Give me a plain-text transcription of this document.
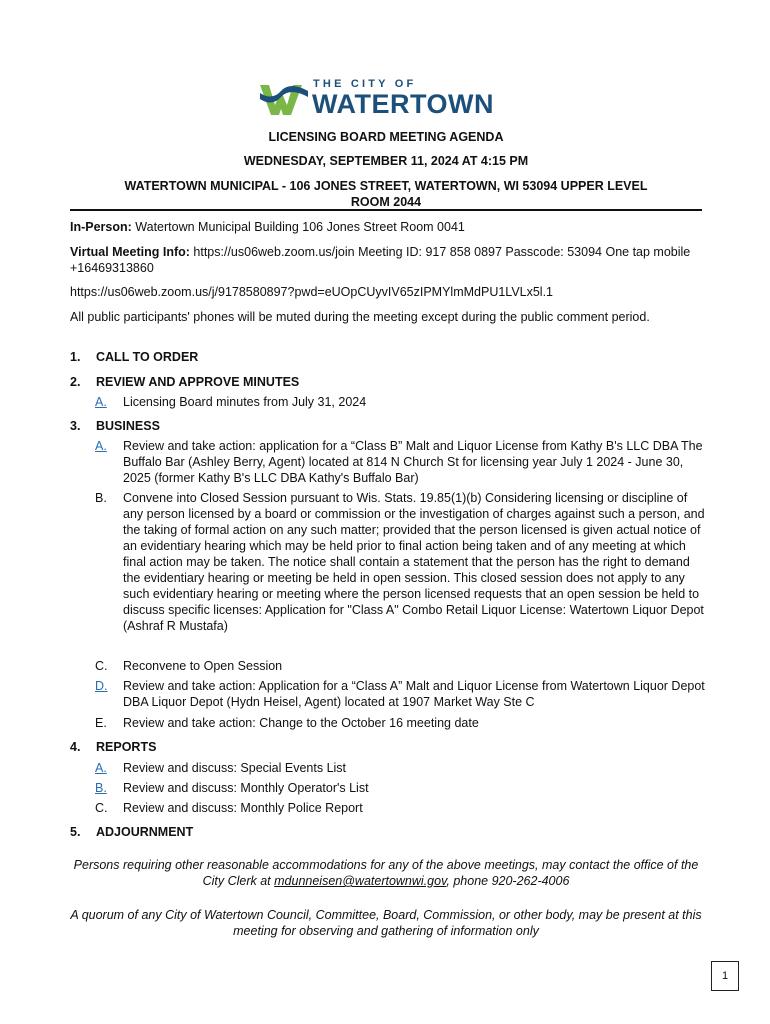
THE CITY OF
WATERTOWN
LICENSING BOARD MEETING AGENDA
WEDNESDAY, SEPTEMBER 11, 2024 AT 4:15 PM
WATERTOWN MUNICIPAL - 106 JONES STREET, WATERTOWN, WI 53094 UPPER LEVEL
ROOM 2044
In-Person: Watertown Municipal Building 106 Jones Street Room 0041
Virtual Meeting Info: https://us06web.zoom.us/join Meeting ID: 917 858 0897 Passcode: 53094 One tap mobile +16469313860
https://us06web.zoom.us/j/9178580897?pwd=eUOpCUyvIV65zIPMYlmMdPU1LVLx5l.1
All public participants' phones will be muted during the meeting except during the public comment period.
1. CALL TO ORDER
2. REVIEW AND APPROVE MINUTES
A.	Licensing Board minutes from July 31, 2024
3. BUSINESS
A.	Review and take action: application for a “Class B” Malt and Liquor License from Kathy B's LLC DBA The Buffalo Bar (Ashley Berry, Agent) located at 814 N Church St for licensing year July 1 2024 - June 30, 2025 (former Kathy B's LLC DBA Kathy's Buffalo Bar)
B.	Convene into Closed Session pursuant to Wis. Stats. 19.85(1)(b) Considering licensing or discipline of any person licensed by a board or commission or the investigation of charges against such a person, and the taking of formal action on any such matter; provided that the person licensed is given actual notice of an evidentiary hearing which may be held prior to final action being taken and of any meeting at which final action may be taken. The notice shall contain a statement that the person has the right to demand the evidentiary hearing or meeting be held in open session. This closed session does not apply to any such evidentiary hearing or meeting where the person licensed requests that an open session be held to discuss specific licenses: Application for "Class A" Combo Retail Liquor License: Watertown Liquor Depot (Ashraf R Mustafa)
C.	Reconvene to Open Session
D.	Review and take action: Application for a “Class A” Malt and Liquor License from Watertown Liquor Depot DBA Liquor Depot (Hydn Heisel, Agent) located at 1907 Market Way Ste C
E.	Review and take action: Change to the October 16 meeting date
4. REPORTS
A.	Review and discuss: Special Events List
B.	Review and discuss: Monthly Operator's List
C.	Review and discuss: Monthly Police Report
5. ADJOURNMENT
Persons requiring other reasonable accommodations for any of the above meetings, may contact the office of the City Clerk at mdunneisen@watertownwi.gov, phone 920-262-4006
A quorum of any City of Watertown Council, Committee, Board, Commission, or other body, may be present at this meeting for observing and gathering of information only
1
